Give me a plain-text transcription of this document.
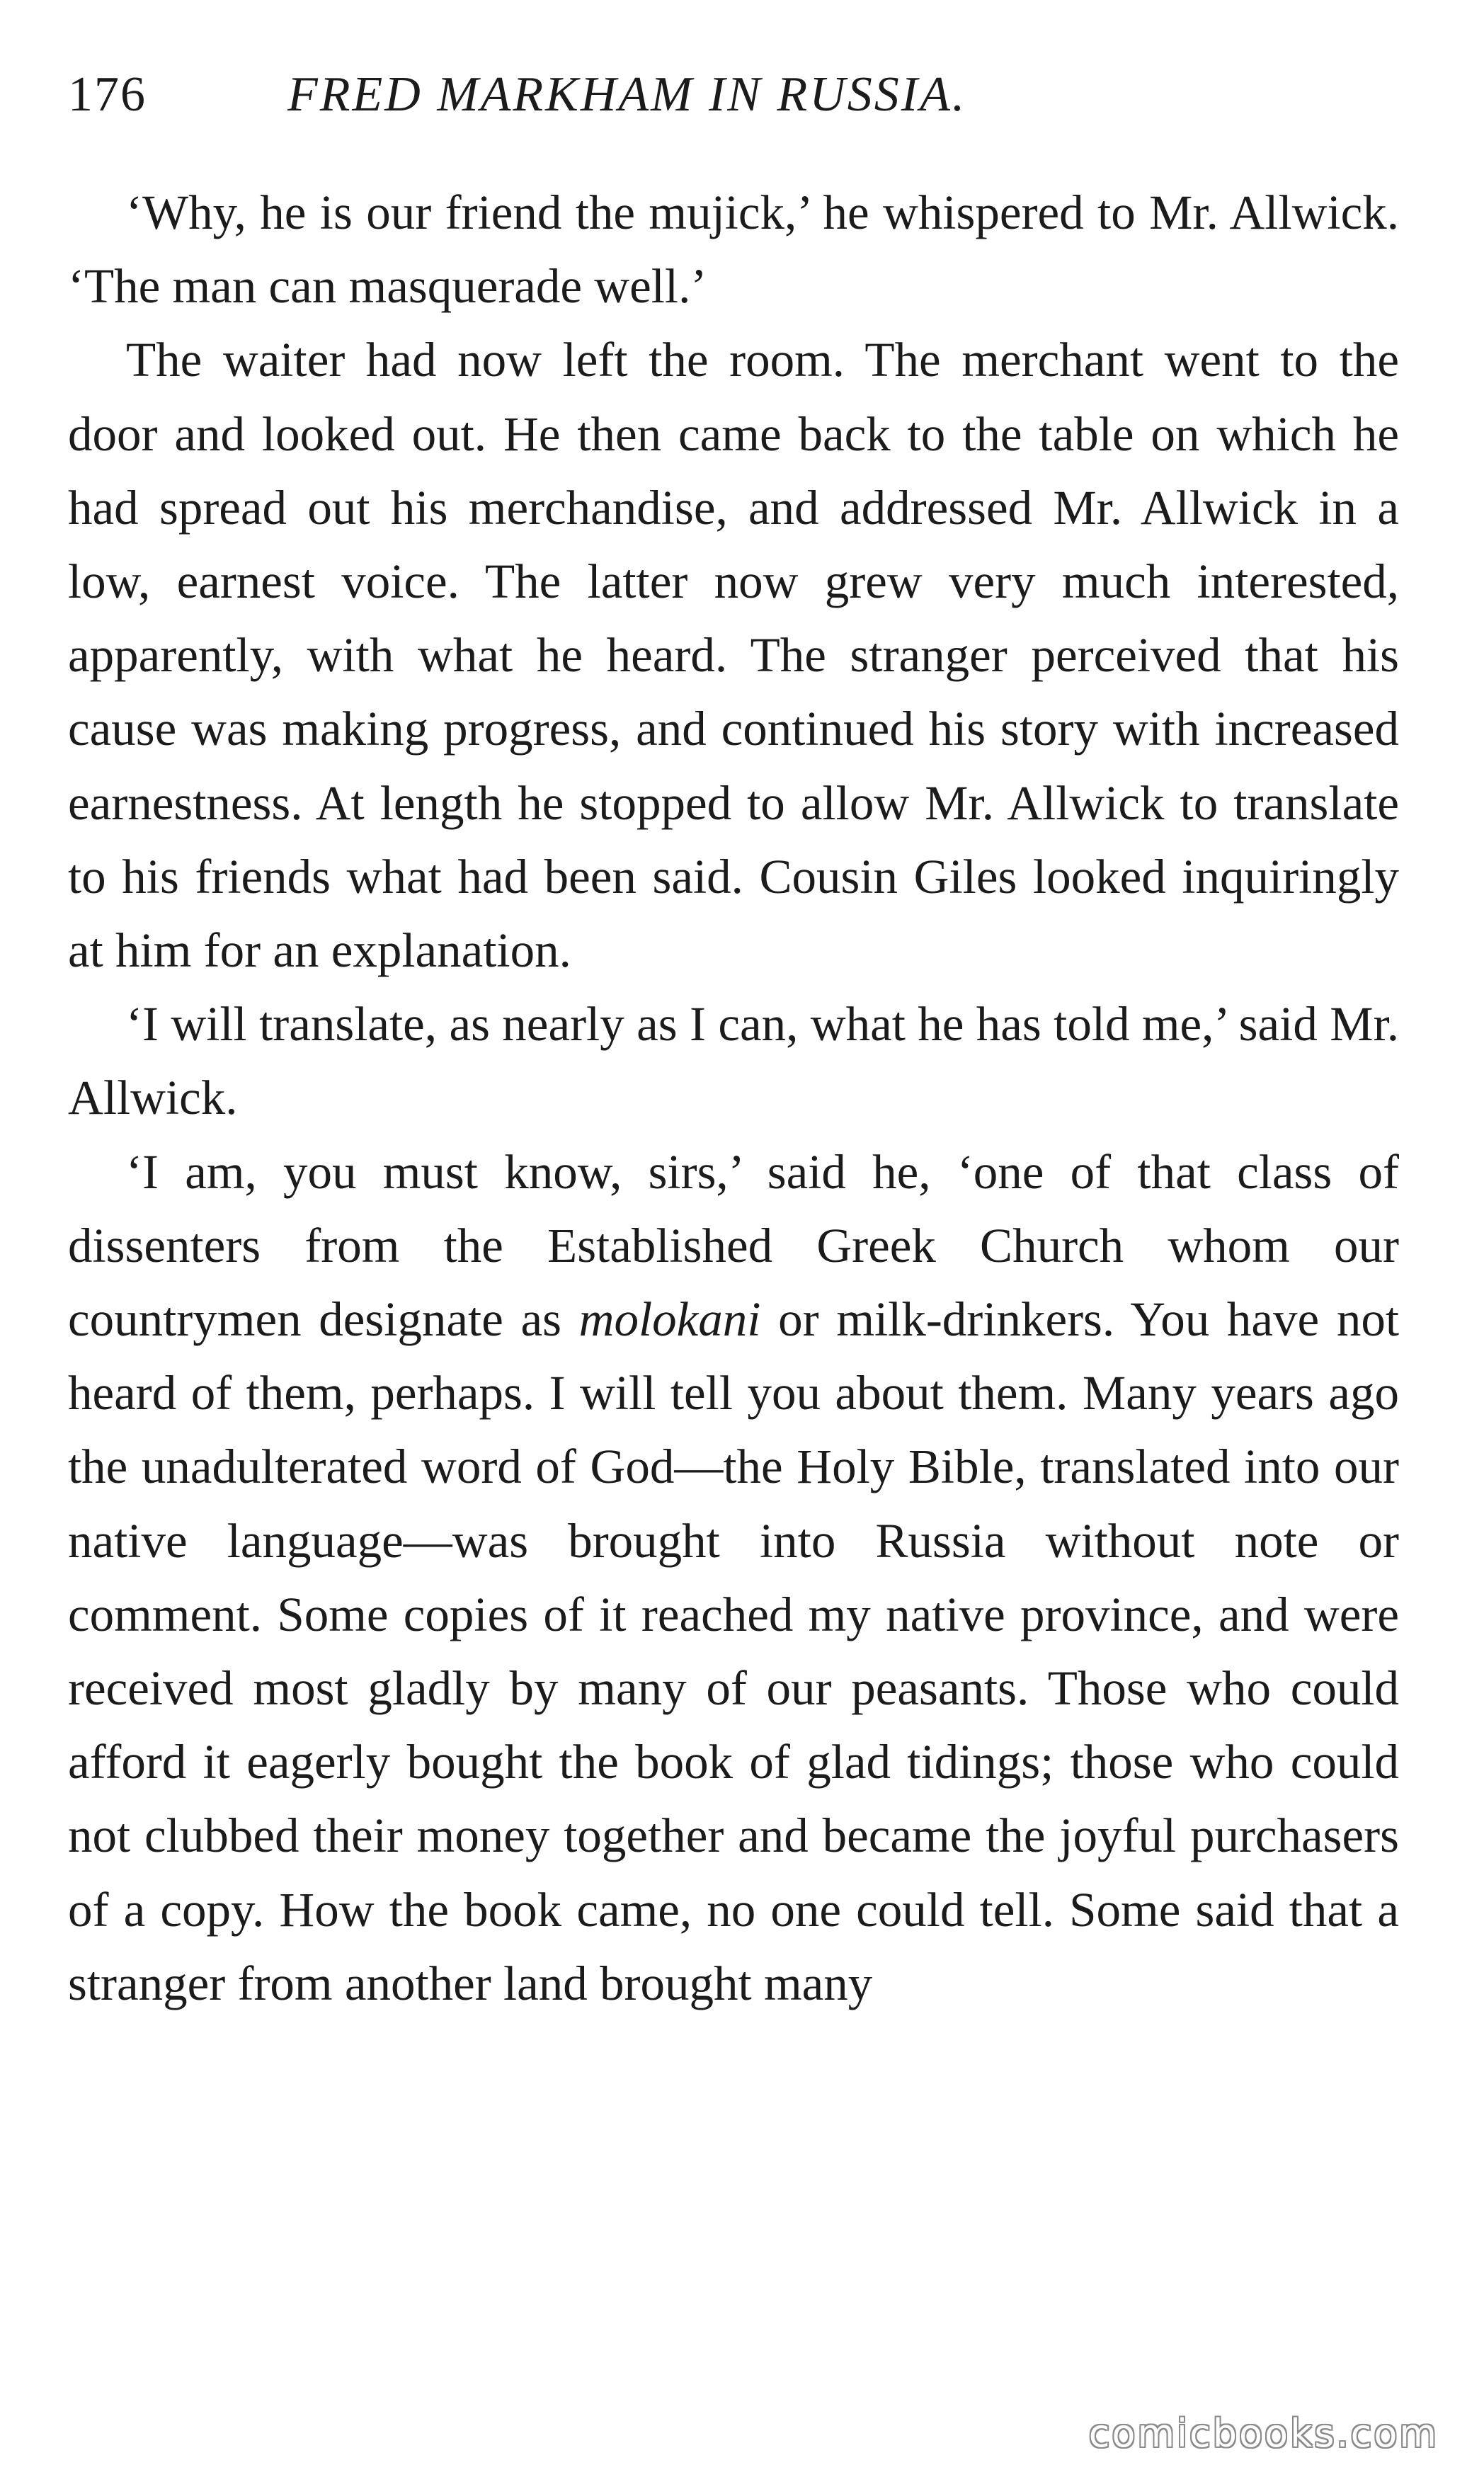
176	FRED MARKHAM IN RUSSIA.

‘Why, he is our friend the mujick,’ he whispered to Mr. Allwick. ‘The man can masquerade well.’

The waiter had now left the room. The merchant went to the door and looked out. He then came back to the table on which he had spread out his merchandise, and addressed Mr. Allwick in a low, earnest voice. The latter now grew very much interested, apparently, with what he heard. The stranger perceived that his cause was making progress, and continued his story with increased earnestness. At length he stopped to allow Mr. Allwick to translate to his friends what had been said. Cousin Giles looked inquiringly at him for an explanation.

‘I will translate, as nearly as I can, what he has told me,’ said Mr. Allwick.

‘I am, you must know, sirs,’ said he, ‘one of that class of dissenters from the Established Greek Church whom our countrymen designate as molokani or milk-drinkers. You have not heard of them, perhaps. I will tell you about them. Many years ago the unadulterated word of God—the Holy Bible, translated into our native language—was brought into Russia without note or comment. Some copies of it reached my native province, and were received most gladly by many of our peasants. Those who could afford it eagerly bought the book of glad tidings; those who could not clubbed their money together and became the joyful purchasers of a copy. How the book came, no one could tell. Some said that a stranger from another land brought many

comicbooks.com
